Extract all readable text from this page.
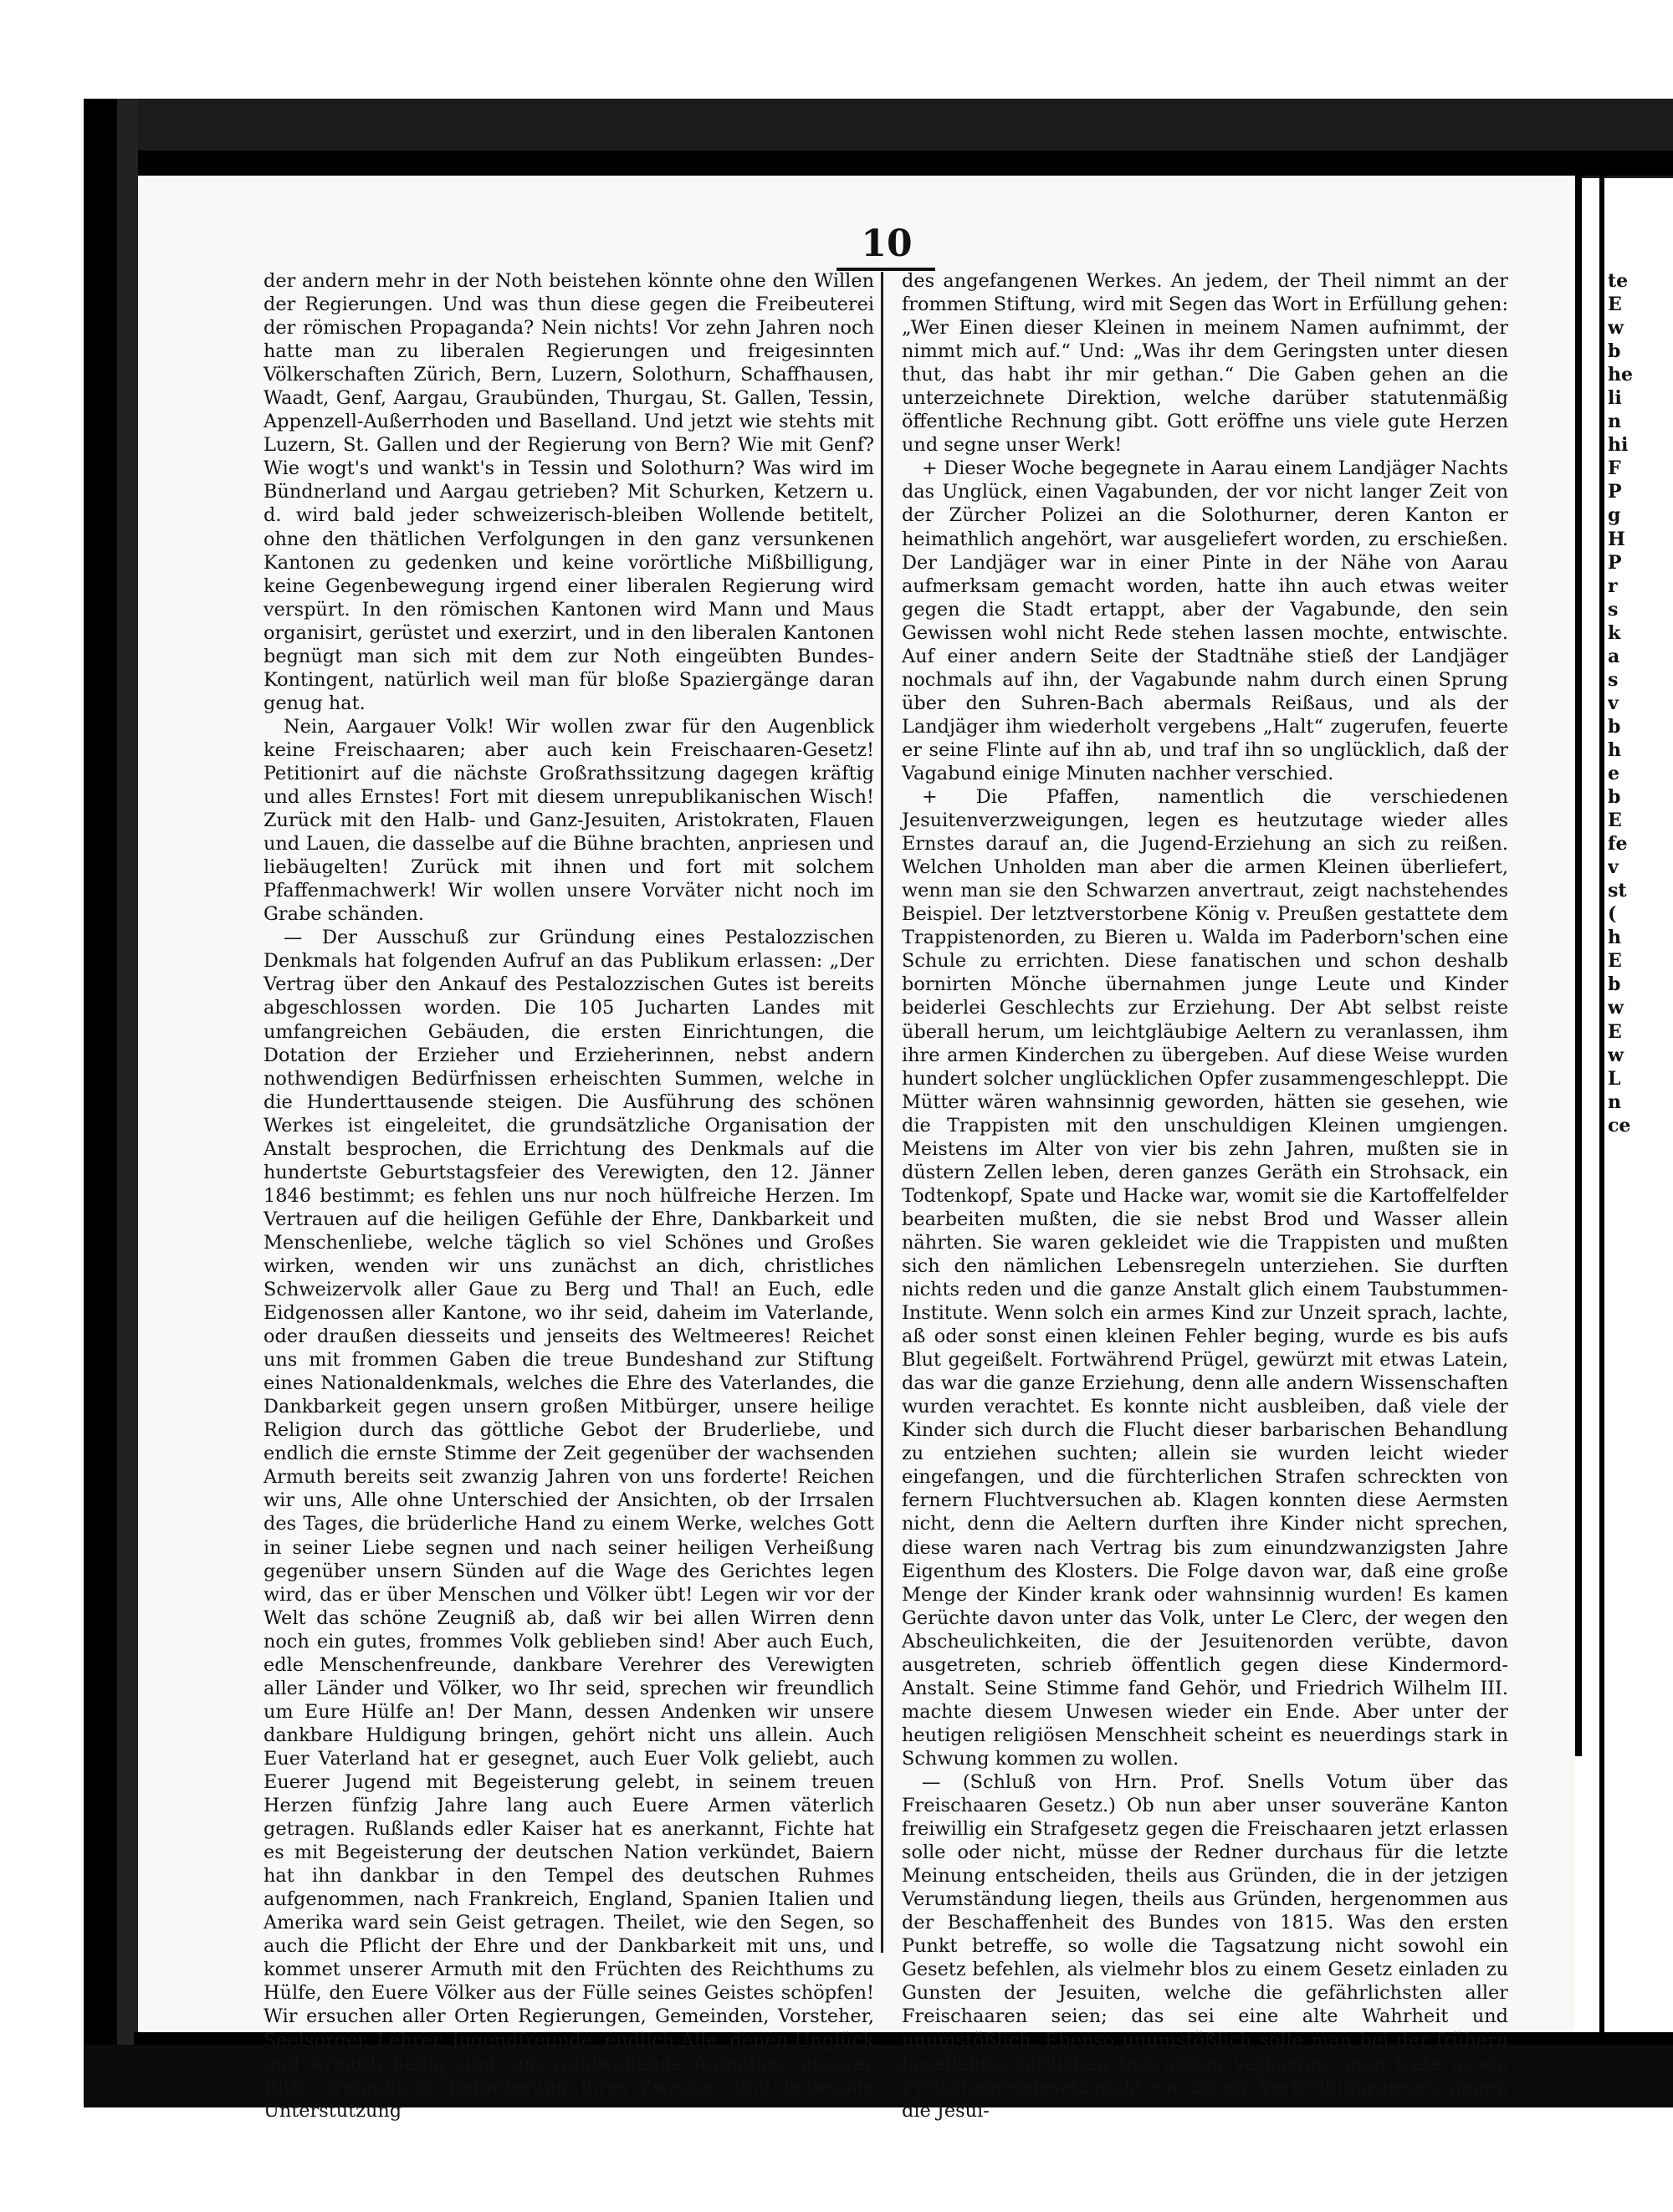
10

der andern mehr in der Noth beistehen könnte ohne den Willen der Regierungen. Und was thun diese gegen die Freibeuterei der römischen Propaganda? Nein nichts! Vor zehn Jahren noch hatte man zu liberalen Regierungen und freigesinnten Völkerschaften Zürich, Bern, Luzern, Solothurn, Schaffhausen, Waadt, Genf, Aargau, Graubünden, Thurgau, St. Gallen, Tessin, Appenzell-Außerrhoden und Baselland. Und jetzt wie stehts mit Luzern, St. Gallen und der Regierung von Bern? Wie mit Genf? Wie wogt's und wankt's in Tessin und Solothurn? Was wird im Bündnerland und Aargau getrieben? Mit Schurken, Ketzern u. d. wird bald jeder schweizerisch-bleiben Wollende betitelt, ohne den thätlichen Verfolgungen in den ganz versunkenen Kantonen zu gedenken und keine vorörtliche Mißbilligung, keine Gegenbewegung irgend einer liberalen Regierung wird verspürt. In den römischen Kantonen wird Mann und Maus organisirt, gerüstet und exerzirt, und in den liberalen Kantonen begnügt man sich mit dem zur Noth eingeübten Bundes-Kontingent, natürlich weil man für bloße Spaziergänge daran genug hat.

Nein, Aargauer Volk! Wir wollen zwar für den Augenblick keine Freischaaren; aber auch kein Freischaaren-Gesetz! Petitionirt auf die nächste Großrathssitzung dagegen kräftig und alles Ernstes! Fort mit diesem unrepublikanischen Wisch! Zurück mit den Halb- und Ganz-Jesuiten, Aristokraten, Flauen und Lauen, die dasselbe auf die Bühne brachten, anpriesen und liebäugelten! Zurück mit ihnen und fort mit solchem Pfaffenmachwerk! Wir wollen unsere Vorväter nicht noch im Grabe schänden.

— Der Ausschuß zur Gründung eines Pestalozzischen Denkmals hat folgenden Aufruf an das Publikum erlassen: „Der Vertrag über den Ankauf des Pestalozzischen Gutes ist bereits abgeschlossen worden. Die 105 Jucharten Landes mit umfangreichen Gebäuden, die ersten Einrichtungen, die Dotation der Erzieher und Erzieherinnen, nebst andern nothwendigen Bedürfnissen erheischten Summen, welche in die Hunderttausende steigen. Die Ausführung des schönen Werkes ist eingeleitet, die grundsätzliche Organisation der Anstalt besprochen, die Errichtung des Denkmals auf die hundertste Geburtstagsfeier des Verewigten, den 12. Jänner 1846 bestimmt; es fehlen uns nur noch hülfreiche Herzen. Im Vertrauen auf die heiligen Gefühle der Ehre, Dankbarkeit und Menschenliebe, welche täglich so viel Schönes und Großes wirken, wenden wir uns zunächst an dich, christliches Schweizervolk aller Gaue zu Berg und Thal! an Euch, edle Eidgenossen aller Kantone, wo ihr seid, daheim im Vaterlande, oder draußen diesseits und jenseits des Weltmeeres! Reichet uns mit frommen Gaben die treue Bundeshand zur Stiftung eines Nationaldenkmals, welches die Ehre des Vaterlandes, die Dankbarkeit gegen unsern großen Mitbürger, unsere heilige Religion durch das göttliche Gebot der Bruderliebe, und endlich die ernste Stimme der Zeit gegenüber der wachsenden Armuth bereits seit zwanzig Jahren von uns forderte! Reichen wir uns, Alle ohne Unterschied der Ansichten, ob der Irrsalen des Tages, die brüderliche Hand zu einem Werke, welches Gott in seiner Liebe segnen und nach seiner heiligen Verheißung gegenüber unsern Sünden auf die Wage des Gerichtes legen wird, das er über Menschen und Völker übt! Legen wir vor der Welt das schöne Zeugniß ab, daß wir bei allen Wirren denn noch ein gutes, frommes Volk geblieben sind! Aber auch Euch, edle Menschenfreunde, dankbare Verehrer des Verewigten aller Länder und Völker, wo Ihr seid, sprechen wir freundlich um Eure Hülfe an! Der Mann, dessen Andenken wir unsere dankbare Huldigung bringen, gehört nicht uns allein. Auch Euer Vaterland hat er gesegnet, auch Euer Volk geliebt, auch Euerer Jugend mit Begeisterung gelebt, in seinem treuen Herzen fünfzig Jahre lang auch Euere Armen väterlich getragen. Rußlands edler Kaiser hat es anerkannt, Fichte hat es mit Begeisterung der deutschen Nation verkündet, Baiern hat ihn dankbar in den Tempel des deutschen Ruhmes aufgenommen, nach Frankreich, England, Spanien Italien und Amerika ward sein Geist getragen. Theilet, wie den Segen, so auch die Pflicht der Ehre und der Dankbarkeit mit uns, und kommet unserer Armuth mit den Früchten des Reichthums zu Hülfe, den Euere Völker aus der Fülle seines Geistes schöpfen! Wir ersuchen aller Orten Regierungen, Gemeinden, Vorsteher, Seelsorger, Lehrer, Jugendfreunde, endlich Alle, denen Unglück und Armuth heilig sind, um wohlwollende Aufnahme unserer Bitte, freundliche Beförderung ihres Zweckes und liebevolle Unterstützung

des angefangenen Werkes. An jedem, der Theil nimmt an der frommen Stiftung, wird mit Segen das Wort in Erfüllung gehen: „Wer Einen dieser Kleinen in meinem Namen aufnimmt, der nimmt mich auf.“ Und: „Was ihr dem Geringsten unter diesen thut, das habt ihr mir gethan.“ Die Gaben gehen an die unterzeichnete Direktion, welche darüber statutenmäßig öffentliche Rechnung gibt. Gott eröffne uns viele gute Herzen und segne unser Werk!

+ Dieser Woche begegnete in Aarau einem Landjäger Nachts das Unglück, einen Vagabunden, der vor nicht langer Zeit von der Zürcher Polizei an die Solothurner, deren Kanton er heimathlich angehört, war ausgeliefert worden, zu erschießen. Der Landjäger war in einer Pinte in der Nähe von Aarau aufmerksam gemacht worden, hatte ihn auch etwas weiter gegen die Stadt ertappt, aber der Vagabunde, den sein Gewissen wohl nicht Rede stehen lassen mochte, entwischte. Auf einer andern Seite der Stadtnähe stieß der Landjäger nochmals auf ihn, der Vagabunde nahm durch einen Sprung über den Suhren-Bach abermals Reißaus, und als der Landjäger ihm wiederholt vergebens „Halt“ zugerufen, feuerte er seine Flinte auf ihn ab, und traf ihn so unglücklich, daß der Vagabund einige Minuten nachher verschied.

+ Die Pfaffen, namentlich die verschiedenen Jesuitenverzweigungen, legen es heutzutage wieder alles Ernstes darauf an, die Jugend-Erziehung an sich zu reißen. Welchen Unholden man aber die armen Kleinen überliefert, wenn man sie den Schwarzen anvertraut, zeigt nachstehendes Beispiel. Der letztverstorbene König v. Preußen gestattete dem Trappistenorden, zu Bieren u. Walda im Paderborn'schen eine Schule zu errichten. Diese fanatischen und schon deshalb bornirten Mönche übernahmen junge Leute und Kinder beiderlei Geschlechts zur Erziehung. Der Abt selbst reiste überall herum, um leichtgläubige Aeltern zu veranlassen, ihm ihre armen Kinderchen zu übergeben. Auf diese Weise wurden hundert solcher unglücklichen Opfer zusammengeschleppt. Die Mütter wären wahnsinnig geworden, hätten sie gesehen, wie die Trappisten mit den unschuldigen Kleinen umgiengen. Meistens im Alter von vier bis zehn Jahren, mußten sie in düstern Zellen leben, deren ganzes Geräth ein Strohsack, ein Todtenkopf, Spate und Hacke war, womit sie die Kartoffelfelder bearbeiten mußten, die sie nebst Brod und Wasser allein nährten. Sie waren gekleidet wie die Trappisten und mußten sich den nämlichen Lebensregeln unterziehen. Sie durften nichts reden und die ganze Anstalt glich einem Taubstummen-Institute. Wenn solch ein armes Kind zur Unzeit sprach, lachte, aß oder sonst einen kleinen Fehler beging, wurde es bis aufs Blut gegeißelt. Fortwährend Prügel, gewürzt mit etwas Latein, das war die ganze Erziehung, denn alle andern Wissenschaften wurden verachtet. Es konnte nicht ausbleiben, daß viele der Kinder sich durch die Flucht dieser barbarischen Behandlung zu entziehen suchten; allein sie wurden leicht wieder eingefangen, und die fürchterlichen Strafen schreckten von fernern Fluchtversuchen ab. Klagen konnten diese Aermsten nicht, denn die Aeltern durften ihre Kinder nicht sprechen, diese waren nach Vertrag bis zum einundzwanzigsten Jahre Eigenthum des Klosters. Die Folge davon war, daß eine große Menge der Kinder krank oder wahnsinnig wurden! Es kamen Gerüchte davon unter das Volk, unter Le Clerc, der wegen den Abscheulichkeiten, die der Jesuitenorden verübte, davon ausgetreten, schrieb öffentlich gegen diese Kindermord-Anstalt. Seine Stimme fand Gehör, und Friedrich Wilhelm III. machte diesem Unwesen wieder ein Ende. Aber unter der heutigen religiösen Menschheit scheint es neuerdings stark in Schwung kommen zu wollen.

— (Schluß von Hrn. Prof. Snells Votum über das Freischaaren Gesetz.) Ob nun aber unser souveräne Kanton freiwillig ein Strafgesetz gegen die Freischaaren jetzt erlassen solle oder nicht, müsse der Redner durchaus für die letzte Meinung entscheiden, theils aus Gründen, die in der jetzigen Verumständung liegen, theils aus Gründen, hergenommen aus der Beschaffenheit des Bundes von 1815. Was den ersten Punkt betreffe, so wolle die Tagsatzung nicht sowohl ein Gesetz befehlen, als vielmehr blos zu einem Gesetz einladen zu Gunsten der Jesuiten, welche die gefährlichsten aller Freischaaren seien; das sei eine alte Wahrheit und unumstößlich. Ebenso unumstößlich solle man bei der frühern basellandschäftlichen Instruktion verharren; man trete in ein Freischaarengesetz nicht ein, bis ein Vertreibungsgesetz gegen die Jesui-

te
E
w
b
he
li
n
hi
F
P
g
H
P
r
s
k
a
s
v
b
h
e
b
E
fe
v
st
(
h
E
b
w
E
w
L
n
ce
